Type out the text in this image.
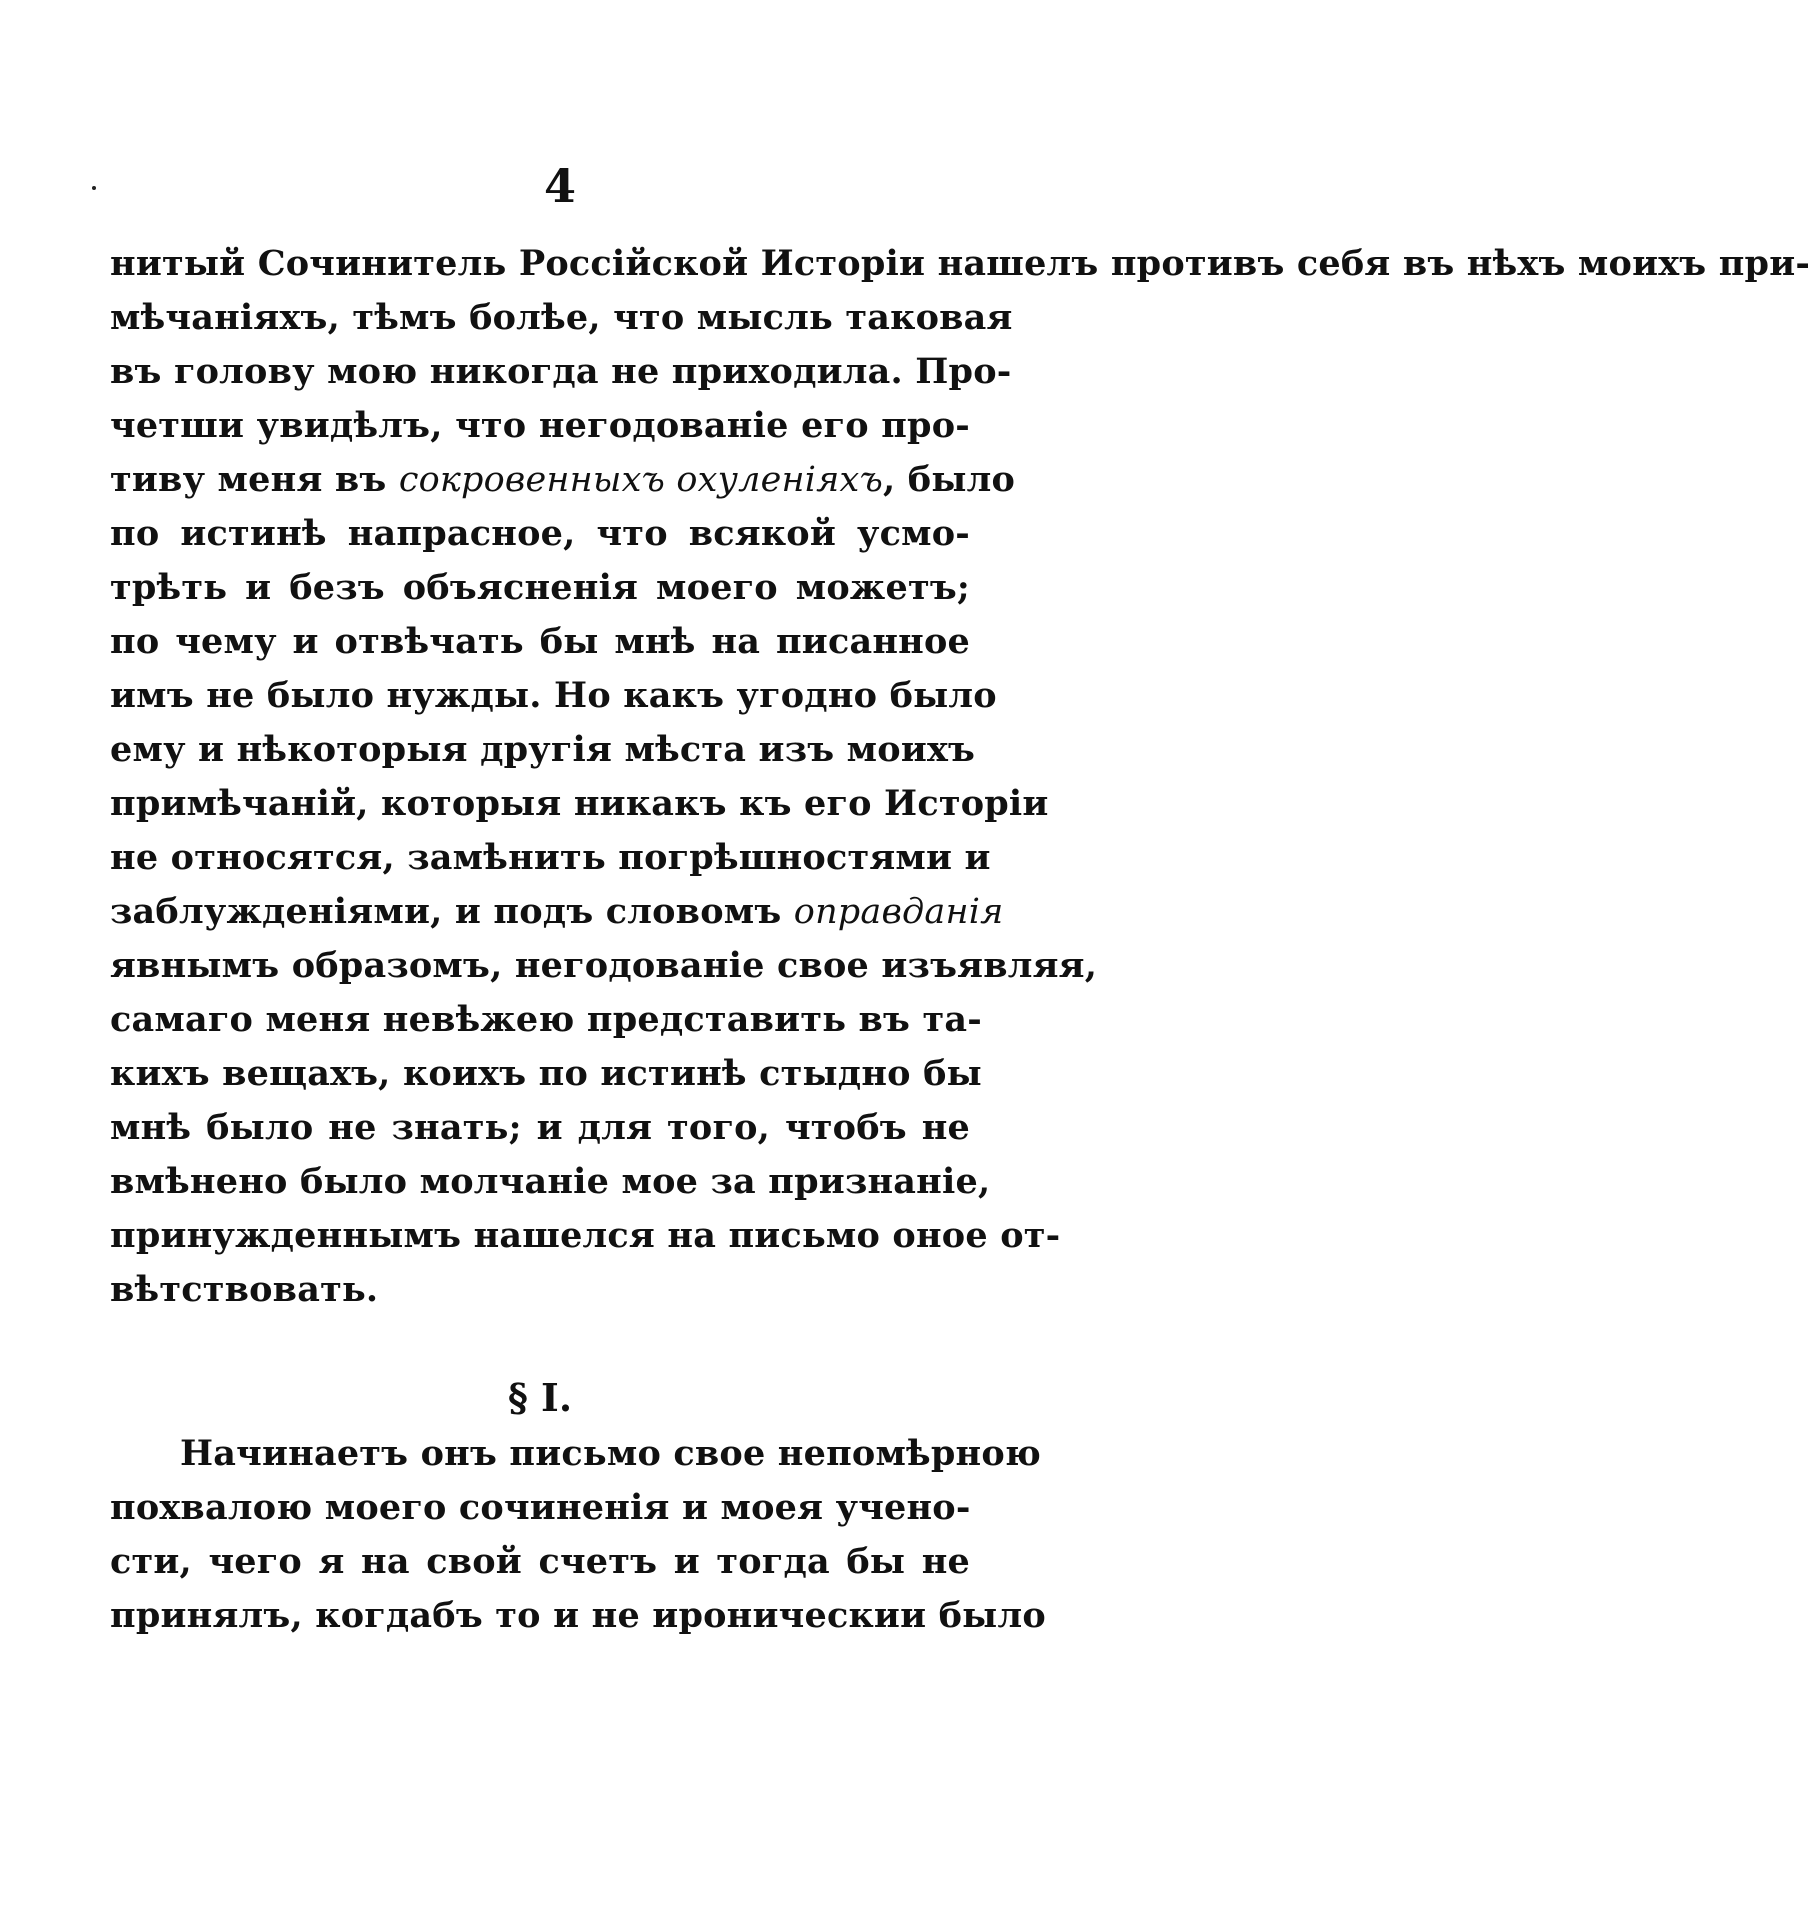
4
нитый Сочинитель Россійской Исторіи нашелъ противъ себя въ нѣхъ моихъ при-
мѣчаніяхъ, тѣмъ болѣе, что мысль таковая
въ голову мою никогда не приходила. Про-
четши увидѣлъ, что негодованіе его про-
тиву меня въ сокровенныхъ охуленіяхъ, было
по истинѣ напрасное, что всякой усмо-
трѣть и безъ объясненія моего можетъ;
по чему и отвѣчать бы мнѣ на писанное
имъ не было нужды. Но какъ угодно было
ему и нѣкоторыя другія мѣста изъ моихъ
примѣчаній, которыя никакъ къ его Исторіи
не относятся, замѣнить погрѣшностями и
заблужденіями, и подъ словомъ оправданія
явнымъ образомъ, негодованіе свое изъявляя,
самаго меня невѣжею представить въ та-
кихъ вещахъ, коихъ по истинѣ стыдно бы
мнѣ было не знать; и для того, чтобъ не
вмѣнено было молчаніе мое за признаніе,
принужденнымъ нашелся на письмо оное от-
вѣтствовать.
§ I.
Начинаетъ онъ письмо свое непомѣрною
похвалою моего сочиненія и моея учено-
сти, чего я на свой счетъ и тогда бы не
принялъ, когдабъ то и не ироническии было
